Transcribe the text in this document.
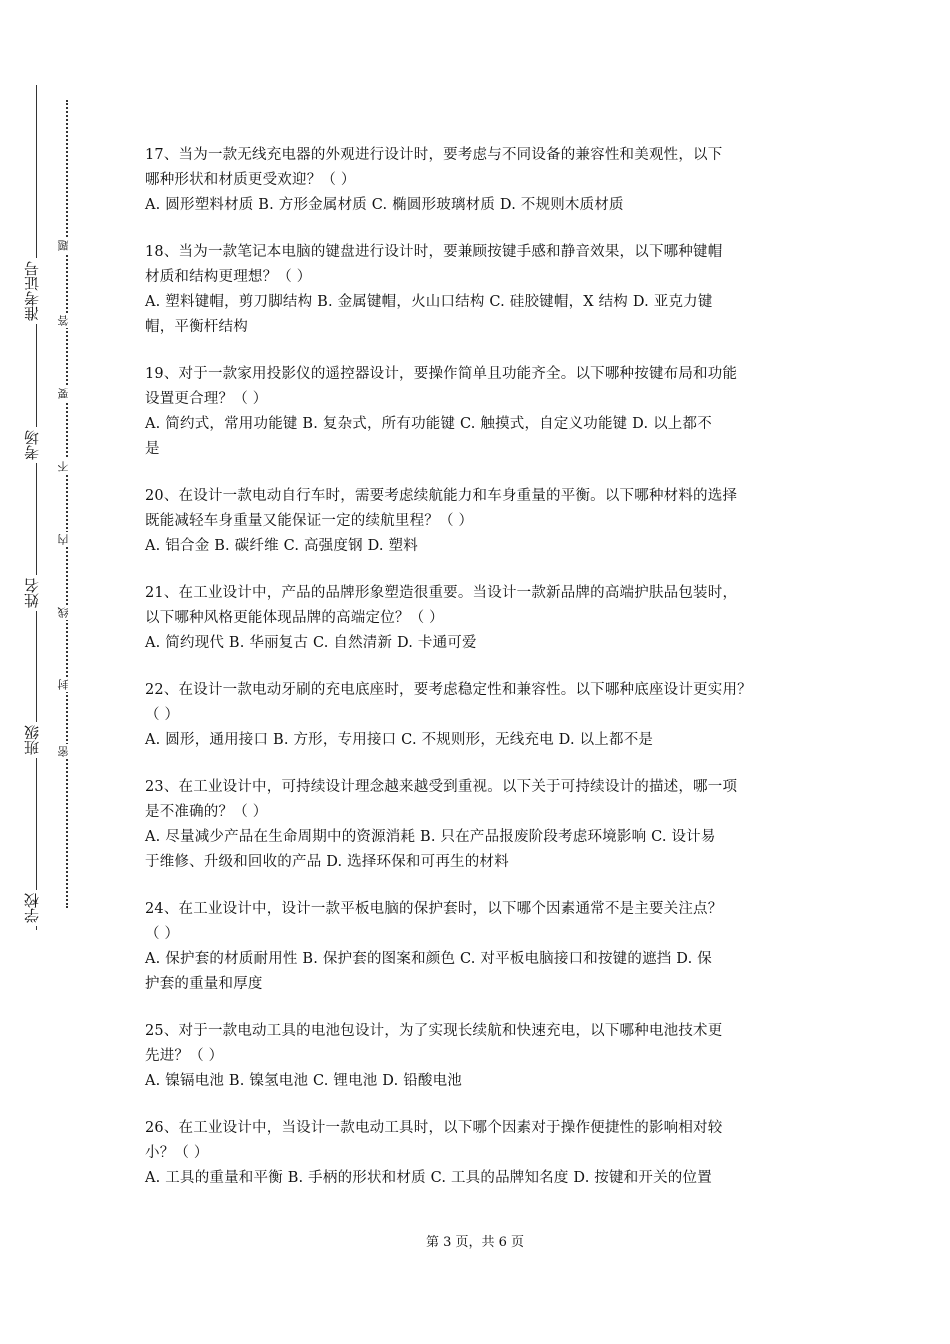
准考证号
考场
姓名
班级
学校
题
答
要
不
内
线
封
密

17、当为一款无线充电器的外观进行设计时，要考虑与不同设备的兼容性和美观性，以下

哪种形状和材质更受欢迎？（ ）

A. 圆形塑料材质 B. 方形金属材质 C. 椭圆形玻璃材质 D. 不规则木质材质

18、当为一款笔记本电脑的键盘进行设计时，要兼顾按键手感和静音效果，以下哪种键帽

材质和结构更理想？（ ）

A. 塑料键帽，剪刀脚结构 B. 金属键帽，火山口结构 C. 硅胶键帽，X 结构 D. 亚克力键

帽，平衡杆结构

19、对于一款家用投影仪的遥控器设计，要操作简单且功能齐全。以下哪种按键布局和功能

设置更合理？（ ）

A. 简约式，常用功能键 B. 复杂式，所有功能键 C. 触摸式，自定义功能键 D. 以上都不

是

20、在设计一款电动自行车时，需要考虑续航能力和车身重量的平衡。以下哪种材料的选择

既能减轻车身重量又能保证一定的续航里程？（ ）

A. 铝合金 B. 碳纤维 C. 高强度钢 D. 塑料

21、在工业设计中，产品的品牌形象塑造很重要。当设计一款新品牌的高端护肤品包装时，

以下哪种风格更能体现品牌的高端定位？（ ）

A. 简约现代 B. 华丽复古 C. 自然清新 D. 卡通可爱

22、在设计一款电动牙刷的充电底座时，要考虑稳定性和兼容性。以下哪种底座设计更实用？

（ ）

A. 圆形，通用接口 B. 方形，专用接口 C. 不规则形，无线充电 D. 以上都不是

23、在工业设计中，可持续设计理念越来越受到重视。以下关于可持续设计的描述，哪一项

是不准确的？（ ）

A. 尽量减少产品在生命周期中的资源消耗 B. 只在产品报废阶段考虑环境影响 C. 设计易

于维修、升级和回收的产品 D. 选择环保和可再生的材料

24、在工业设计中，设计一款平板电脑的保护套时，以下哪个因素通常不是主要关注点？

（ ）

A. 保护套的材质耐用性 B. 保护套的图案和颜色 C. 对平板电脑接口和按键的遮挡 D. 保

护套的重量和厚度

25、对于一款电动工具的电池包设计，为了实现长续航和快速充电，以下哪种电池技术更

先进？（ ）

A. 镍镉电池 B. 镍氢电池 C. 锂电池 D. 铅酸电池

26、在工业设计中，当设计一款电动工具时，以下哪个因素对于操作便捷性的影响相对较

小？（ ）

A. 工具的重量和平衡 B. 手柄的形状和材质 C. 工具的品牌知名度 D. 按键和开关的位置

第 3 页，共 6 页
